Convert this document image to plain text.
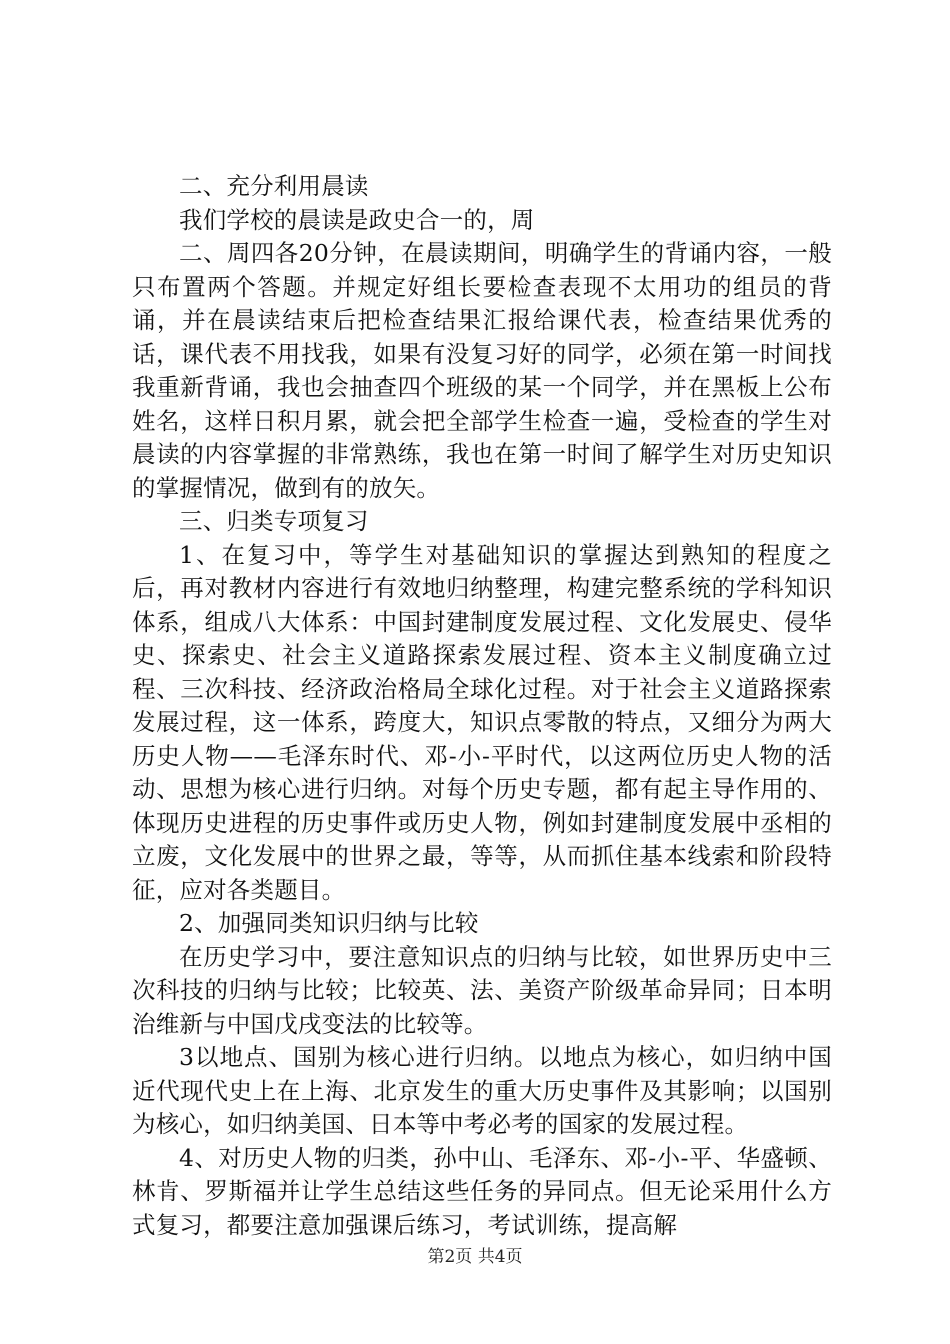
二、充分利用晨读

我们学校的晨读是政史合一的，周

二、周四各20分钟，在晨读期间，明确学生的背诵内容，一般只布置两个答题。并规定好组长要检查表现不太用功的组员的背诵，并在晨读结束后把检查结果汇报给课代表，检查结果优秀的话，课代表不用找我，如果有没复习好的同学，必须在第一时间找我重新背诵，我也会抽查四个班级的某一个同学，并在黑板上公布姓名，这样日积月累，就会把全部学生检查一遍，受检查的学生对晨读的内容掌握的非常熟练，我也在第一时间了解学生对历史知识的掌握情况，做到有的放矢。

三、归类专项复习

1、在复习中，等学生对基础知识的掌握达到熟知的程度之后，再对教材内容进行有效地归纳整理，构建完整系统的学科知识体系，组成八大体系：中国封建制度发展过程、文化发展史、侵华史、探索史、社会主义道路探索发展过程、资本主义制度确立过程、三次科技、经济政治格局全球化过程。对于社会主义道路探索发展过程，这一体系，跨度大，知识点零散的特点，又细分为两大历史人物——毛泽东时代、邓-小-平时代，以这两位历史人物的活动、思想为核心进行归纳。对每个历史专题，都有起主导作用的、体现历史进程的历史事件或历史人物，例如封建制度发展中丞相的立废，文化发展中的世界之最，等等，从而抓住基本线索和阶段特征，应对各类题目。

2、加强同类知识归纳与比较

在历史学习中，要注意知识点的归纳与比较，如世界历史中三次科技的归纳与比较；比较英、法、美资产阶级革命异同；日本明治维新与中国戊戌变法的比较等。

3以地点、国别为核心进行归纳。以地点为核心，如归纳中国近代现代史上在上海、北京发生的重大历史事件及其影响；以国别为核心，如归纳美国、日本等中考必考的国家的发展过程。

4、对历史人物的归类，孙中山、毛泽东、邓-小-平、华盛顿、林肯、罗斯福并让学生总结这些任务的异同点。但无论采用什么方式复习，都要注意加强课后练习，考试训练，提高解

第2页 共4页
